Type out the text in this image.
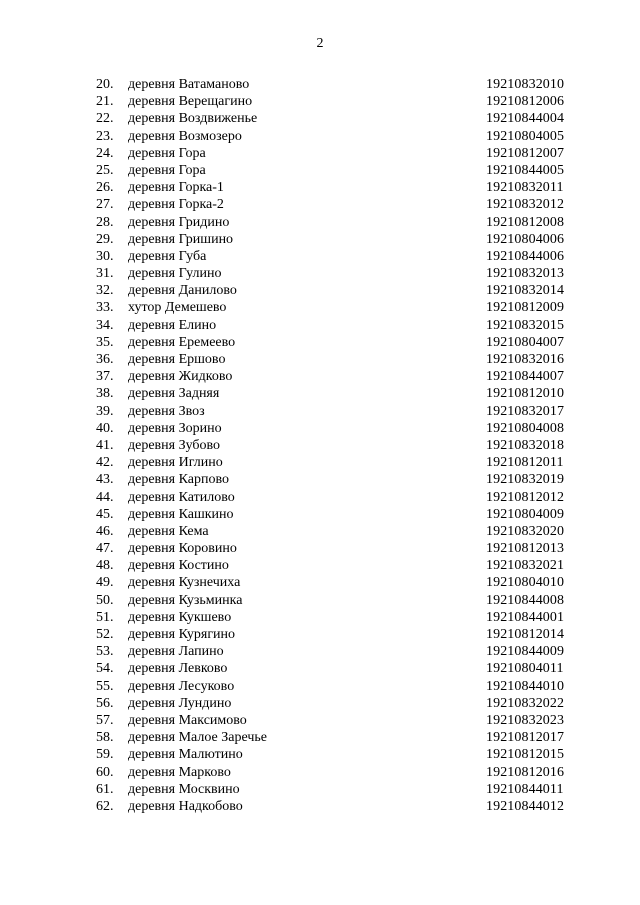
2
20.	деревня Ватаманово	19210832010
21.	деревня Верещагино	19210812006
22.	деревня Воздвиженье	19210844004
23.	деревня Возмозеро	19210804005
24.	деревня Гора	19210812007
25.	деревня Гора	19210844005
26.	деревня Горка-1	19210832011
27.	деревня Горка-2	19210832012
28.	деревня Гридино	19210812008
29.	деревня Гришино	19210804006
30.	деревня Губа	19210844006
31.	деревня Гулино	19210832013
32.	деревня Данилово	19210832014
33.	хутор Демешево	19210812009
34.	деревня Елино	19210832015
35.	деревня Еремеево	19210804007
36.	деревня Ершово	19210832016
37.	деревня Жидково	19210844007
38.	деревня Задняя	19210812010
39.	деревня Звоз	19210832017
40.	деревня Зорино	19210804008
41.	деревня Зубово	19210832018
42.	деревня Иглино	19210812011
43.	деревня Карпово	19210832019
44.	деревня Катилово	19210812012
45.	деревня Кашкино	19210804009
46.	деревня Кема	19210832020
47.	деревня Коровино	19210812013
48.	деревня Костино	19210832021
49.	деревня Кузнечиха	19210804010
50.	деревня Кузьминка	19210844008
51.	деревня Кукшево	19210844001
52.	деревня Курягино	19210812014
53.	деревня Лапино	19210844009
54.	деревня Левково	19210804011
55.	деревня Лесуково	19210844010
56.	деревня Лундино	19210832022
57.	деревня Максимово	19210832023
58.	деревня Малое Заречье	19210812017
59.	деревня Малютино	19210812015
60.	деревня Марково	19210812016
61.	деревня Москвино	19210844011
62.	деревня Надкобово	19210844012
